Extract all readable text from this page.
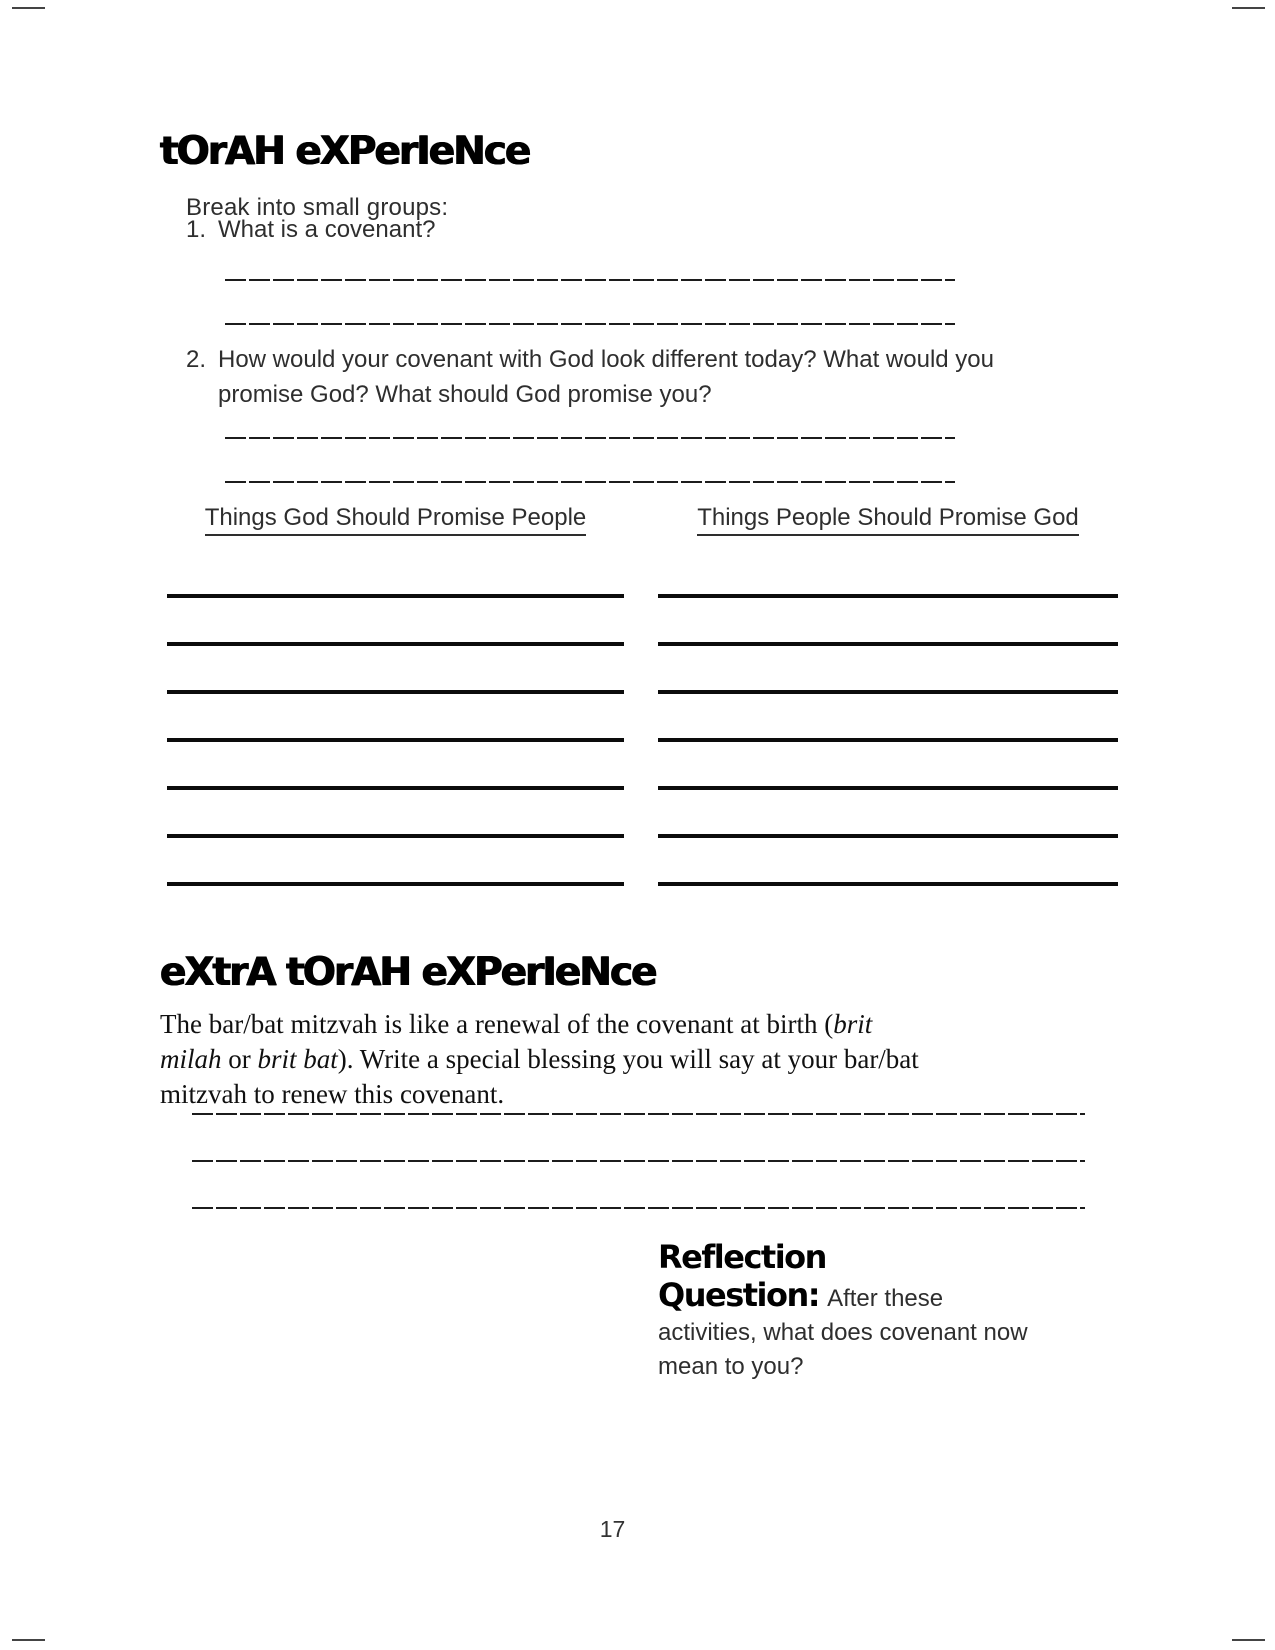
tOrAH eXPerIeNce

Break into small groups:

1. What is a covenant?
2. How would your covenant with God look different today? What would you promise God? What should God promise you?
Things God Should Promise People	Things People Should Promise God
eXtrA tOrAH eXPerIeNce

The bar/bat mitzvah is like a renewal of the covenant at birth (brit milah or brit bat). Write a special blessing you will say at your bar/bat mitzvah to renew this covenant.

Reflection Question: After these activities, what does covenant now mean to you?
17
